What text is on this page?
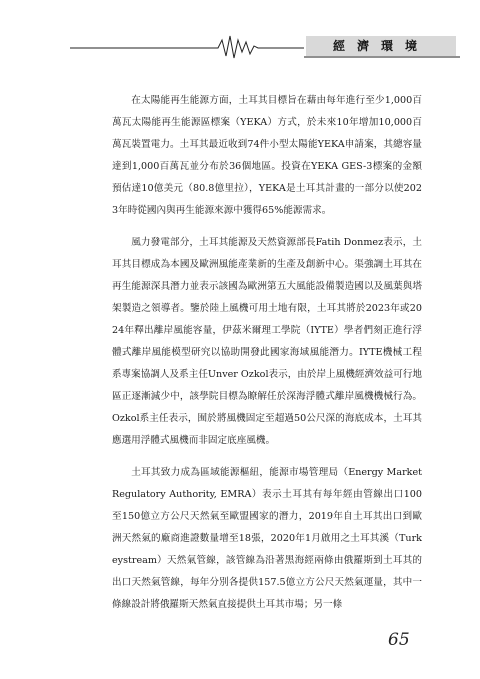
經濟環境

在太陽能再生能源方面，土耳其目標旨在藉由每年進行至少1,000百萬瓦太陽能再生能源區標案（YEKA）方式，於未來10年增加10,000百萬瓦裝置電力。土耳其最近收到74件小型太陽能YEKA申請案，其總容量達到1,000百萬瓦並分布於36個地區。投資在YEKA GES-3標案的金額預估達10億美元（80.8億里拉），YEKA是土耳其計畫的一部分以使2023年時從國內與再生能源來源中獲得65%能源需求。

風力發電部分，土耳其能源及天然資源部長Fatih Donmez表示，土耳其目標成為本國及歐洲風能產業新的生產及創新中心。渠強調土耳其在再生能源深具潛力並表示該國為歐洲第五大風能設備製造國以及風葉與塔架製造之領導者。鑒於陸上風機可用土地有限，土耳其將於2023年或2024年釋出離岸風能容量，伊茲米爾理工學院（IYTE）學者們刻正進行浮體式離岸風能模型研究以協助開發此國家海域風能潛力。IYTE機械工程系專案協調人及系主任Unver Ozkol表示，由於岸上風機經濟效益可行地區正逐漸減少中，該學院目標為瞭解任於深海浮體式離岸風機機械行為。Ozkol系主任表示，囿於將風機固定至超過50公尺深的海底成本，土耳其應選用浮體式風機而非固定底座風機。

土耳其致力成為區域能源樞紐，能源市場管理局（Energy Market Regulatory Authority, EMRA）表示土耳其有每年經由管線出口100至150億立方公尺天然氣至歐盟國家的潛力，2019年自土耳其出口到歐洲天然氣的廠商進證數量增至18張，2020年1月啟用之土耳其溪（Turkeystream）天然氣管線，該管線為沿著黑海經兩條由俄羅斯到土耳其的出口天然氣管線，每年分別各提供157.5億立方公尺天然氣運量，其中一條線設計將俄羅斯天然氣直接提供土耳其市場；另一條

65
